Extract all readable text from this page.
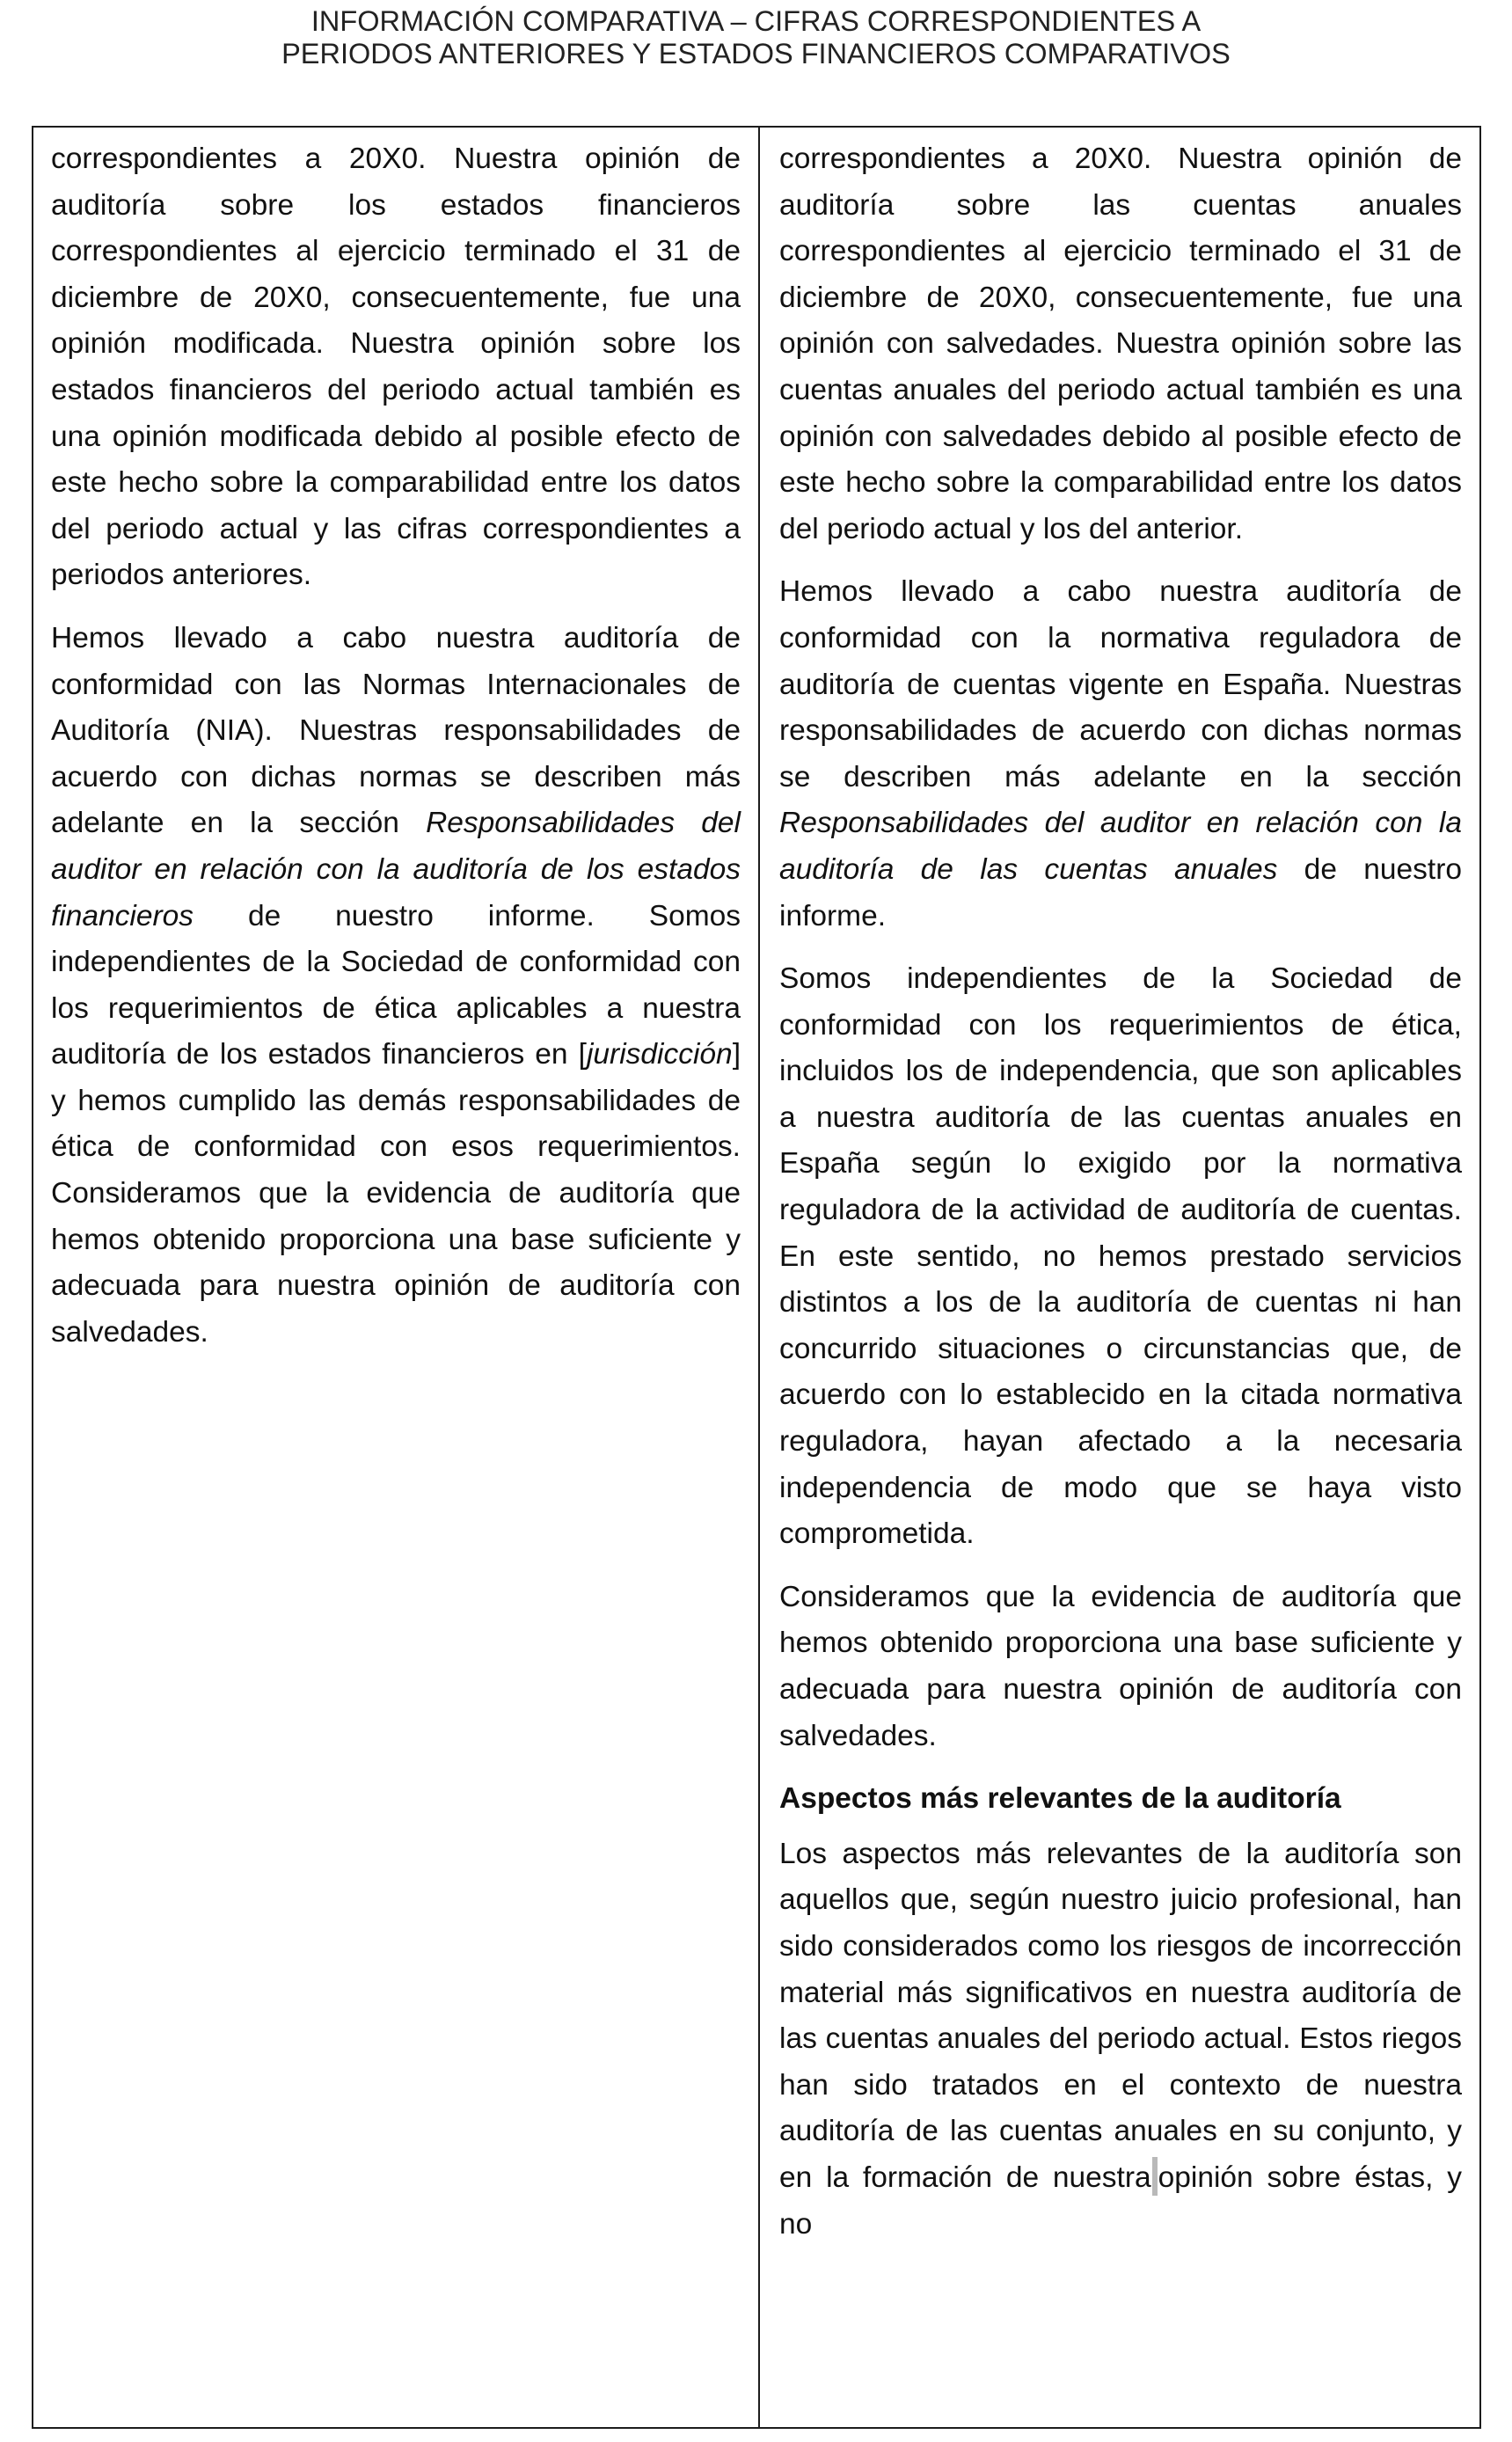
INFORMACIÓN COMPARATIVA – CIFRAS CORRESPONDIENTES A
PERIODOS ANTERIORES Y ESTADOS FINANCIEROS COMPARATIVOS

correspondientes a 20X0. Nuestra opinión de auditoría sobre los estados financieros correspondientes al ejercicio terminado el 31 de diciembre de 20X0, consecuentemente, fue una opinión modificada. Nuestra opinión sobre los estados financieros del periodo actual también es una opinión modificada debido al posible efecto de este hecho sobre la comparabilidad entre los datos del periodo actual y las cifras correspondientes a periodos anteriores.

Hemos llevado a cabo nuestra auditoría de conformidad con las Normas Internacionales de Auditoría (NIA). Nuestras responsabilidades de acuerdo con dichas normas se describen más adelante en la sección Responsabilidades del auditor en relación con la auditoría de los estados financieros de nuestro informe. Somos independientes de la Sociedad de conformidad con los requerimientos de ética aplicables a nuestra auditoría de los estados financieros en [jurisdicción] y hemos cumplido las demás responsabilidades de ética de conformidad con esos requerimientos. Consideramos que la evidencia de auditoría que hemos obtenido proporciona una base suficiente y adecuada para nuestra opinión de auditoría con salvedades.

correspondientes a 20X0. Nuestra opinión de auditoría sobre las cuentas anuales correspondientes al ejercicio terminado el 31 de diciembre de 20X0, consecuentemente, fue una opinión con salvedades. Nuestra opinión sobre las cuentas anuales del periodo actual también es una opinión con salvedades debido al posible efecto de este hecho sobre la comparabilidad entre los datos del periodo actual y los del anterior.

Hemos llevado a cabo nuestra auditoría de conformidad con la normativa reguladora de auditoría de cuentas vigente en España. Nuestras responsabilidades de acuerdo con dichas normas se describen más adelante en la sección Responsabilidades del auditor en relación con la auditoría de las cuentas anuales de nuestro informe.

Somos independientes de la Sociedad de conformidad con los requerimientos de ética, incluidos los de independencia, que son aplicables a nuestra auditoría de las cuentas anuales en España según lo exigido por la normativa reguladora de la actividad de auditoría de cuentas. En este sentido, no hemos prestado servicios distintos a los de la auditoría de cuentas ni han concurrido situaciones o circunstancias que, de acuerdo con lo establecido en la citada normativa reguladora, hayan afectado a la necesaria independencia de modo que se haya visto comprometida.

Consideramos que la evidencia de auditoría que hemos obtenido proporciona una base suficiente y adecuada para nuestra opinión de auditoría con salvedades.

Aspectos más relevantes de la auditoría

Los aspectos más relevantes de la auditoría son aquellos que, según nuestro juicio profesional, han sido considerados como los riesgos de incorrección material más significativos en nuestra auditoría de las cuentas anuales del periodo actual. Estos riegos han sido tratados en el contexto de nuestra auditoría de las cuentas anuales en su conjunto, y en la formación de nuestra opinión sobre éstas, y no
